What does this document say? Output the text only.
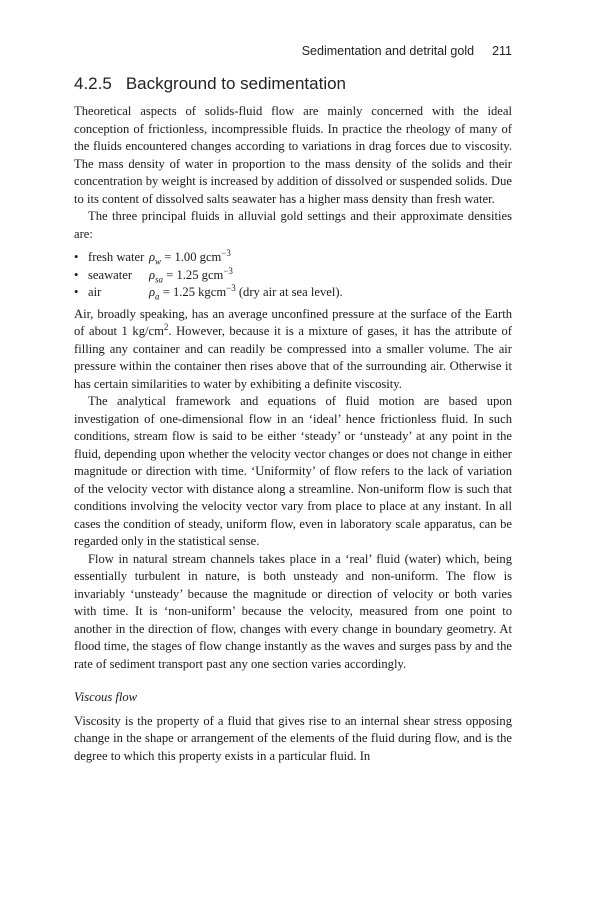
Sedimentation and detrital gold 211
4.2.5 Background to sedimentation

Theoretical aspects of solids-fluid flow are mainly concerned with the ideal conception of frictionless, incompressible fluids. In practice the rheology of many of the fluids encountered changes according to variations in drag forces due to viscosity. The mass density of water in proportion to the mass density of the solids and their concentration by weight is increased by addition of dissolved or suspended solids. Due to its content of dissolved salts seawater has a higher mass density than fresh water.

The three principal fluids in alluvial gold settings and their approximate densities are:

• fresh water $\rho_w = 1.00$ gcm$^{-3}$
• seawater $\rho_{sa} = 1.25$ gcm$^{-3}$
• air	$\rho_a = 1.25$ kgcm$^{-3}$ (dry air at sea level).

Air, broadly speaking, has an average unconfined pressure at the surface of the Earth of about 1 $kg/cm^2$. However, because it is a mixture of gases, it has the attribute of filling any container and can readily be compressed into a smaller volume. The air pressure within the container then rises above that of the surrounding air. Otherwise it has certain similarities to water by exhibiting a definite viscosity.

The analytical framework and equations of fluid motion are based upon investigation of one-dimensional flow in an ‘ideal’ hence frictionless fluid. In such conditions, stream flow is said to be either ‘steady’ or ‘unsteady’ at any point in the fluid, depending upon whether the velocity vector changes or does not change in either magnitude or direction with time. ‘Uniformity’ of flow refers to the lack of variation of the velocity vector with distance along a streamline. Non-uniform flow is such that conditions involving the velocity vector vary from place to place at any instant. In all cases the condition of steady, uniform flow, even in laboratory scale apparatus, can be regarded only in the statistical sense.

Flow in natural stream channels takes place in a ‘real’ fluid (water) which, being essentially turbulent in nature, is both unsteady and non-uniform. The flow is invariably ‘unsteady’ because the magnitude or direction of velocity or both varies with time. It is ‘non-uniform’ because the velocity, measured from one point to another in the direction of flow, changes with every change in boundary geometry. At flood time, the stages of flow change instantly as the waves and surges pass by and the rate of sediment transport past any one section varies accordingly.

Viscous flow

Viscosity is the property of a fluid that gives rise to an internal shear stress opposing change in the shape or arrangement of the elements of the fluid during flow, and is the degree to which this property exists in a particular fluid. In
